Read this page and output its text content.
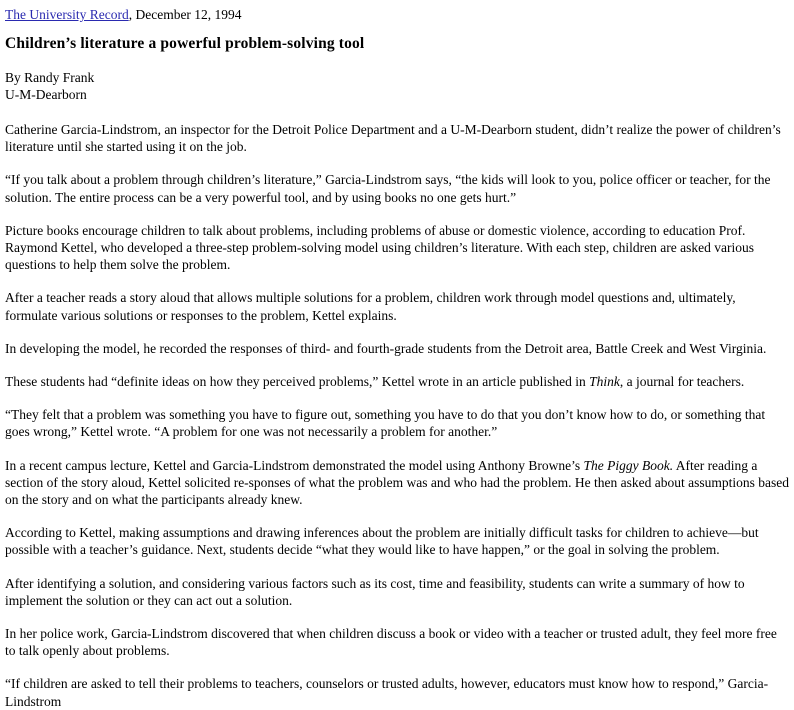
The University Record, December 12, 1994
Children’s literature a powerful problem-solving tool
By Randy Frank
U-M-Dearborn

Catherine Garcia-Lindstrom, an inspector for the Detroit Police Department and a U-M-Dearborn student, didn’t realize the power of children’s literature until she started using it on the job.

“If you talk about a problem through children’s literature,” Garcia-Lindstrom says, “the kids will look to you, police officer or teacher, for the solution. The entire process can be a very powerful tool, and by using books no one gets hurt.”

Picture books encourage children to talk about problems, including problems of abuse or domestic violence, according to education Prof. Raymond Kettel, who developed a three-step problem-solving model using children’s literature. With each step, children are asked various questions to help them solve the problem.

After a teacher reads a story aloud that allows multiple solutions for a problem, children work through model questions and, ultimately, formulate various solutions or responses to the problem, Kettel explains.

In developing the model, he recorded the responses of third- and fourth-grade students from the Detroit area, Battle Creek and West Virginia.

These students had “definite ideas on how they perceived problems,” Kettel wrote in an article published in Think, a journal for teachers.

“They felt that a problem was something you have to figure out, something you have to do that you don’t know how to do, or something that goes wrong,” Kettel wrote. “A problem for one was not necessarily a problem for another.”

In a recent campus lecture, Kettel and Garcia-Lindstrom demonstrated the model using Anthony Browne’s The Piggy Book. After reading a section of the story aloud, Kettel solicited re-sponses of what the problem was and who had the problem. He then asked about assumptions based on the story and on what the participants already knew.

According to Kettel, making assumptions and drawing inferences about the problem are initially difficult tasks for children to achieve—but possible with a teacher’s guidance. Next, students decide “what they would like to have happen,” or the goal in solving the problem.

After identifying a solution, and considering various factors such as its cost, time and feasibility, students can write a summary of how to implement the solution or they can act out a solution.

In her police work, Garcia-Lindstrom discovered that when children discuss a book or video with a teacher or trusted adult, they feel more free to talk openly about problems.

“If children are asked to tell their problems to teachers, counselors or trusted adults, however, educators must know how to respond,” Garcia-Lindstrom
